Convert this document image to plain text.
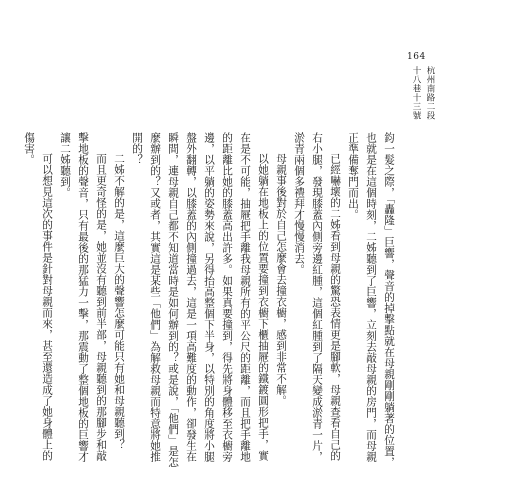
164
杭州南路二段
十八巷十三號

鈞一髮之際，「轟隆」巨響，聲音的掉擊點就在母親剛剛躺著的位置，也就是在這個時刻，二姊聽到了巨響，立刻去敲母親的房門，而母親正準備奪門而出。

已經嚇壞的二姊看到母親的驚恐表情更是腳軟，母親查看自己的右小腿，發現膝蓋內側旁邊紅腫，這個紅腫到了隔天變成淤青一片，淤青兩個多禮拜才慢慢消去。

母親事後對於自己怎麼會去撞衣櫥，感到非常不解。

以她躺在地板上的位置要撞到衣櫥下櫃抽屜的鐵鍍圓形把手，實在是不可能，抽屜把手離我母親所有的平公尺的距離，而且把手離地的距離比她的膝蓋高出許多。如果真要撞到，得先將身體移至衣櫥旁邊，以平躺的姿勢來說，另得抬高整個下半身，以特別的角度將小腿盤外翻轉，以膝蓋的內側撞過去，這是一項高難度的動作，卻發生在瞬間，連母親自己都不知道當時是如何辦到的？或是說，「他們」是怎麼辦到的？又或者，其實這是某些「他們」為解救母親而特意將她推開的？

二姊不解的是，這麼巨大的聲響怎麼可能只有她和母親聽到？

而且更奇怪的是，她並沒有聽到前半部，母親聽到的那腳步和敲擊地板的聲音，只有最後的那猛力一擊，那震動了整個地板的巨響才讓二姊聽到。

可以想見這次的事件是針對母親而來，甚至還造成了她身體上的傷害。
